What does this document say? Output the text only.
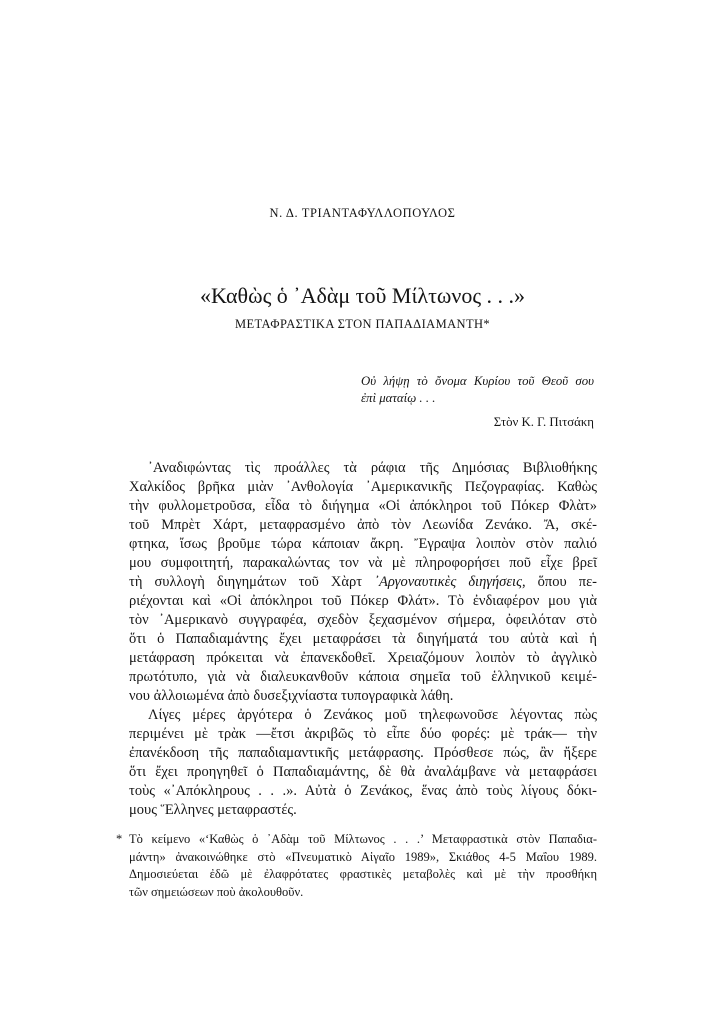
Ν. Δ. ΤΡΙΑΝΤΑΦΥΛΛΟΠΟΥΛΟΣ
«Καθὼς ὁ ᾿Αδὰμ τοῦ Μίλτωνος . . .»
ΜΕΤΑΦΡΑΣΤΙΚΑ ΣΤΟΝ ΠΑΠΑΔΙΑΜΑΝΤΗ*
Οὐ λήψῃ τὸ ὄνομα Κυρίου τοῦ Θεοῦ σου
ἐπὶ ματαίῳ . . .
Στὸν Κ. Γ. Πιτσάκη
᾿Αναδιφώντας τὶς προάλλες τὰ ράφια τῆς Δημόσιας Βιβλιοθήκης
Χαλκίδος βρῆκα μιὰν ᾿Ανθολογία ᾿Αμερικανικῆς Πεζογραφίας. Καθὼς
τὴν φυλλομετροῦσα, εἶδα τὸ διήγημα «Οἱ ἀπόκληροι τοῦ Πόκερ Φλὰτ»
τοῦ Μπρὲτ Χάρτ, μεταφρασμένο ἀπὸ τὸν Λεωνίδα Ζενάκο. Ἄ, σκέ-
φτηκα, ἴσως βροῦμε τώρα κάποιαν ἄκρη. Ἔγραψα λοιπὸν στὸν παλιό
μου συμφοιτητή, παρακαλώντας τον νὰ μὲ πληροφορήσει ποῦ εἶχε βρεῖ
τὴ συλλογὴ διηγημάτων τοῦ Χὰρτ ᾿Αργοναυτικὲς διηγήσεις, ὅπου πε-
ριέχονται καὶ «Οἱ ἀπόκληροι τοῦ Πόκερ Φλάτ». Τὸ ἐνδιαφέρον μου γιὰ
τὸν ᾿Αμερικανὸ συγγραφέα, σχεδὸν ξεχασμένον σήμερα, ὀφειλόταν στὸ
ὅτι ὁ Παπαδιαμάντης ἔχει μεταφράσει τὰ διηγήματά του αὐτὰ καὶ ἡ
μετάφραση πρόκειται νὰ ἐπανεκδοθεῖ. Χρειαζόμουν λοιπὸν τὸ ἀγγλικὸ
πρωτότυπο, γιὰ νὰ διαλευκανθοῦν κάποια σημεῖα τοῦ ἑλληνικοῦ κειμέ-
νου ἀλλοιωμένα ἀπὸ δυσεξιχνίαστα τυπογραφικὰ λάθη.
Λίγες μέρες ἀργότερα ὁ Ζενάκος μοῦ τηλεφωνοῦσε λέγοντας πὼς
περιμένει μὲ τρὰκ —ἔτσι ἀκριβῶς τὸ εἶπε δύο φορές: μὲ τράκ— τὴν
ἐπανέκδοση τῆς παπαδιαμαντικῆς μετάφρασης. Πρόσθεσε πώς, ἂν ἤξερε
ὅτι ἔχει προηγηθεῖ ὁ Παπαδιαμάντης, δὲ θὰ ἀναλάμβανε νὰ μεταφράσει
τοὺς «᾿Απόκληρους . . .». Αὐτὰ ὁ Ζενάκος, ἕνας ἀπὸ τοὺς λίγους δόκι-
μους Ἕλληνες μεταφραστές.
* Τὸ κείμενο «‘Καθὼς ὁ ᾿Αδὰμ τοῦ Μίλτωνος . . .’ Μεταφραστικὰ στὸν Παπαδια-
μάντη» ἀνακοινώθηκε στὸ «Πνευματικὸ Αἰγαῖο 1989», Σκιάθος 4-5 Μαΐου 1989.
Δημοσιεύεται ἐδῶ μὲ ἐλαφρότατες φραστικὲς μεταβολὲς καὶ μὲ τὴν προσθήκη
τῶν σημειώσεων ποὺ ἀκολουθοῦν.
